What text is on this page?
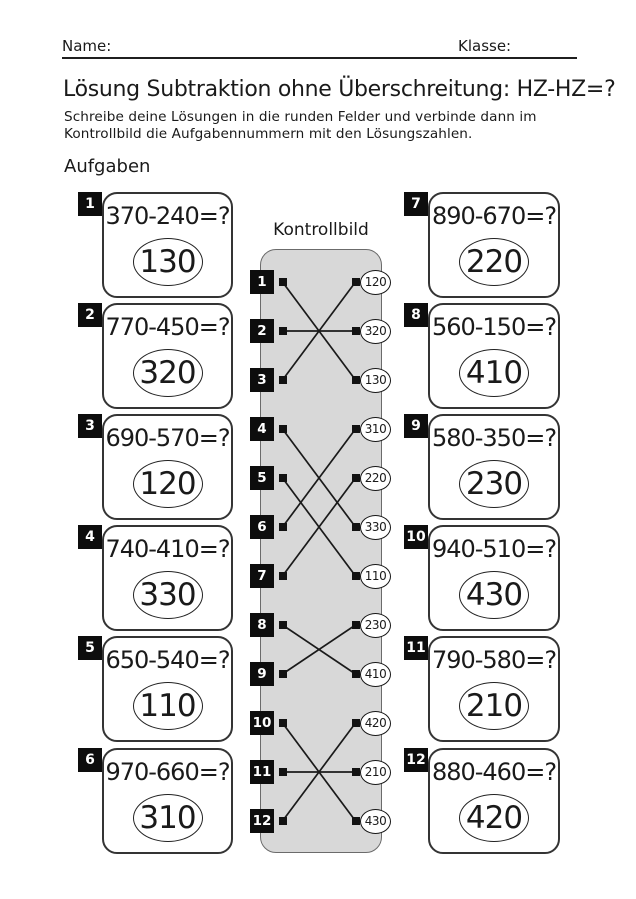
Name:	Klasse:
Lösung Subtraktion ohne Überschreitung: HZ-HZ=?
Schreibe deine Lösungen in die runden Felder und verbinde dann im
Kontrollbild die Aufgabennummern mit den Lösungszahlen.
Aufgaben
Kontrollbild
370-240=?
130
1
770-450=?
320
2
690-570=?
120
3
740-410=?
330
4
650-540=?
110
5
970-660=?
310
6
890-670=?
220
7
560-150=?
410
8
580-350=?
230
9
940-510=?
430
10
790-580=?
210
11
880-460=?
420
12
1	120
2	320
3	130
4	310
5	220
6	330
7	110
8	230
9	410
10	420
11	210
12	430
